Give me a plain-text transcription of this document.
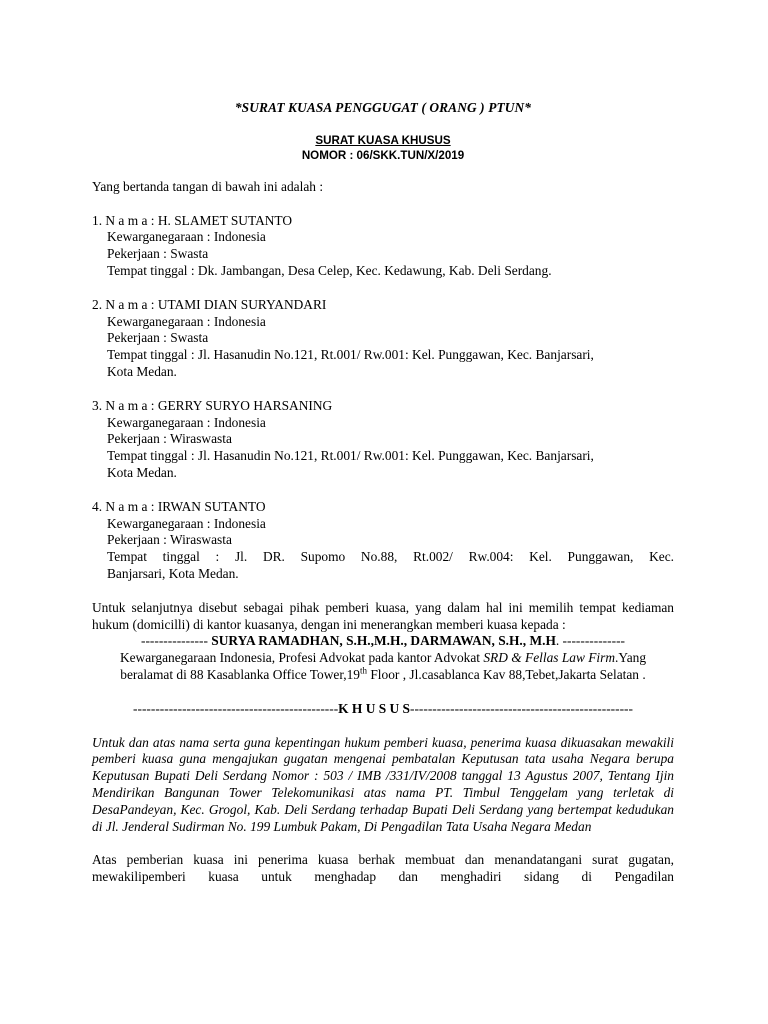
*SURAT KUASA PENGGUGAT ( ORANG ) PTUN*
SURAT KUASA KHUSUS
NOMOR : 06/SKK.TUN/X/2019

Yang bertanda tangan di bawah ini adalah :

1. N a m a : H. SLAMET SUTANTO
Kewarganegaraan : Indonesia
Pekerjaan : Swasta
Tempat tinggal : Dk. Jambangan, Desa Celep, Kec. Kedawung, Kab. Deli Serdang.
2. N a m a : UTAMI DIAN SURYANDARI
Kewarganegaraan : Indonesia
Pekerjaan : Swasta
Tempat tinggal : Jl. Hasanudin No.121, Rt.001/ Rw.001: Kel. Punggawan, Kec. Banjarsari,
Kota Medan.
3. N a m a : GERRY SURYO HARSANING
Kewarganegaraan : Indonesia
Pekerjaan : Wiraswasta
Tempat tinggal : Jl. Hasanudin No.121, Rt.001/ Rw.001: Kel. Punggawan, Kec. Banjarsari,
Kota Medan.
4. N a m a : IRWAN SUTANTO
Kewarganegaraan : Indonesia
Pekerjaan : Wiraswasta
Tempat tinggal : Jl. DR. Supomo No.88, Rt.002/ Rw.004: Kel. Punggawan, Kec.
Banjarsari, Kota Medan.

Untuk selanjutnya disebut sebagai pihak pemberi kuasa, yang dalam hal ini memilih tempat kediaman hukum (domicilli) di kantor kuasanya, dengan ini menerangkan memberi kuasa kepada :

--------------- SURYA RAMADHAN, S.H.,M.H., DARMAWAN, S.H., M.H. --------------
Kewarganegaraan Indonesia, Profesi Advokat pada kantor Advokat SRD & Fellas Law Firm.Yang beralamat di 88 Kasablanka Office Tower,19th Floor , Jl.casablanca Kav 88,Tebet,Jakarta Selatan .
----------------------------------------------K H U S U S--------------------------------------------------

Untuk dan atas nama serta guna kepentingan hukum pemberi kuasa, penerima kuasa dikuasakan mewakili pemberi kuasa guna mengajukan gugatan mengenai pembatalan Keputusan tata usaha Negara berupa Keputusan Bupati Deli Serdang Nomor : 503 / IMB /331/IV/2008 tanggal 13 Agustus 2007, Tentang Ijin Mendirikan Bangunan Tower Telekomunikasi atas nama PT. Timbul Tenggelam yang terletak di DesaPandeyan, Kec. Grogol, Kab. Deli Serdang terhadap Bupati Deli Serdang yang bertempat kedudukan di Jl. Jenderal Sudirman No. 199 Lumbuk Pakam, Di Pengadilan Tata Usaha Negara Medan

Atas pemberian kuasa ini penerima kuasa berhak membuat dan menandatangani surat gugatan, mewakilipemberi kuasa untuk menghadap dan menghadiri sidang di Pengadilan
